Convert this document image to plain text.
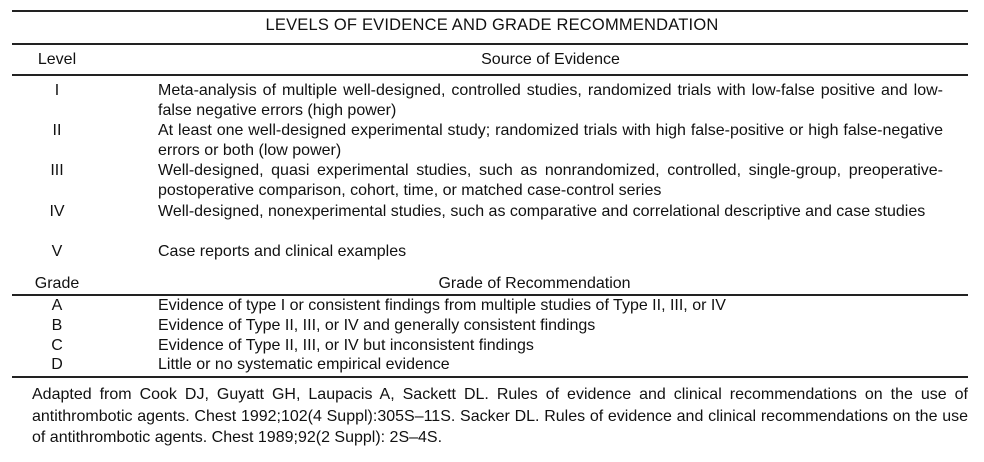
LEVELS OF EVIDENCE AND GRADE RECOMMENDATION
Level	Source of Evidence
I	Meta-analysis of multiple well-designed, controlled studies, randomized trials with low-false positive and low-false negative errors (high power)
II	At least one well-designed experimental study; randomized trials with high false-positive or high false-negative errors or both (low power)
III	Well-designed, quasi experimental studies, such as nonrandomized, controlled, single-group, preoperative-postoperative comparison, cohort, time, or matched case-control series
IV	Well-designed, nonexperimental studies, such as comparative and correlational descriptive and case studies
V	Case reports and clinical examples
Grade	Grade of Recommendation
A	Evidence of type I or consistent findings from multiple studies of Type II, III, or IV
B	Evidence of Type II, III, or IV and generally consistent findings
C	Evidence of Type II, III, or IV but inconsistent findings
D	Little or no systematic empirical evidence
Adapted from Cook DJ, Guyatt GH, Laupacis A, Sackett DL. Rules of evidence and clinical recommendations on the use of antithrombotic agents. Chest 1992;102(4 Suppl):305S–11S. Sacker DL. Rules of evidence and clinical recommendations on the use of antithrombotic agents. Chest 1989;92(2 Suppl): 2S–4S.
